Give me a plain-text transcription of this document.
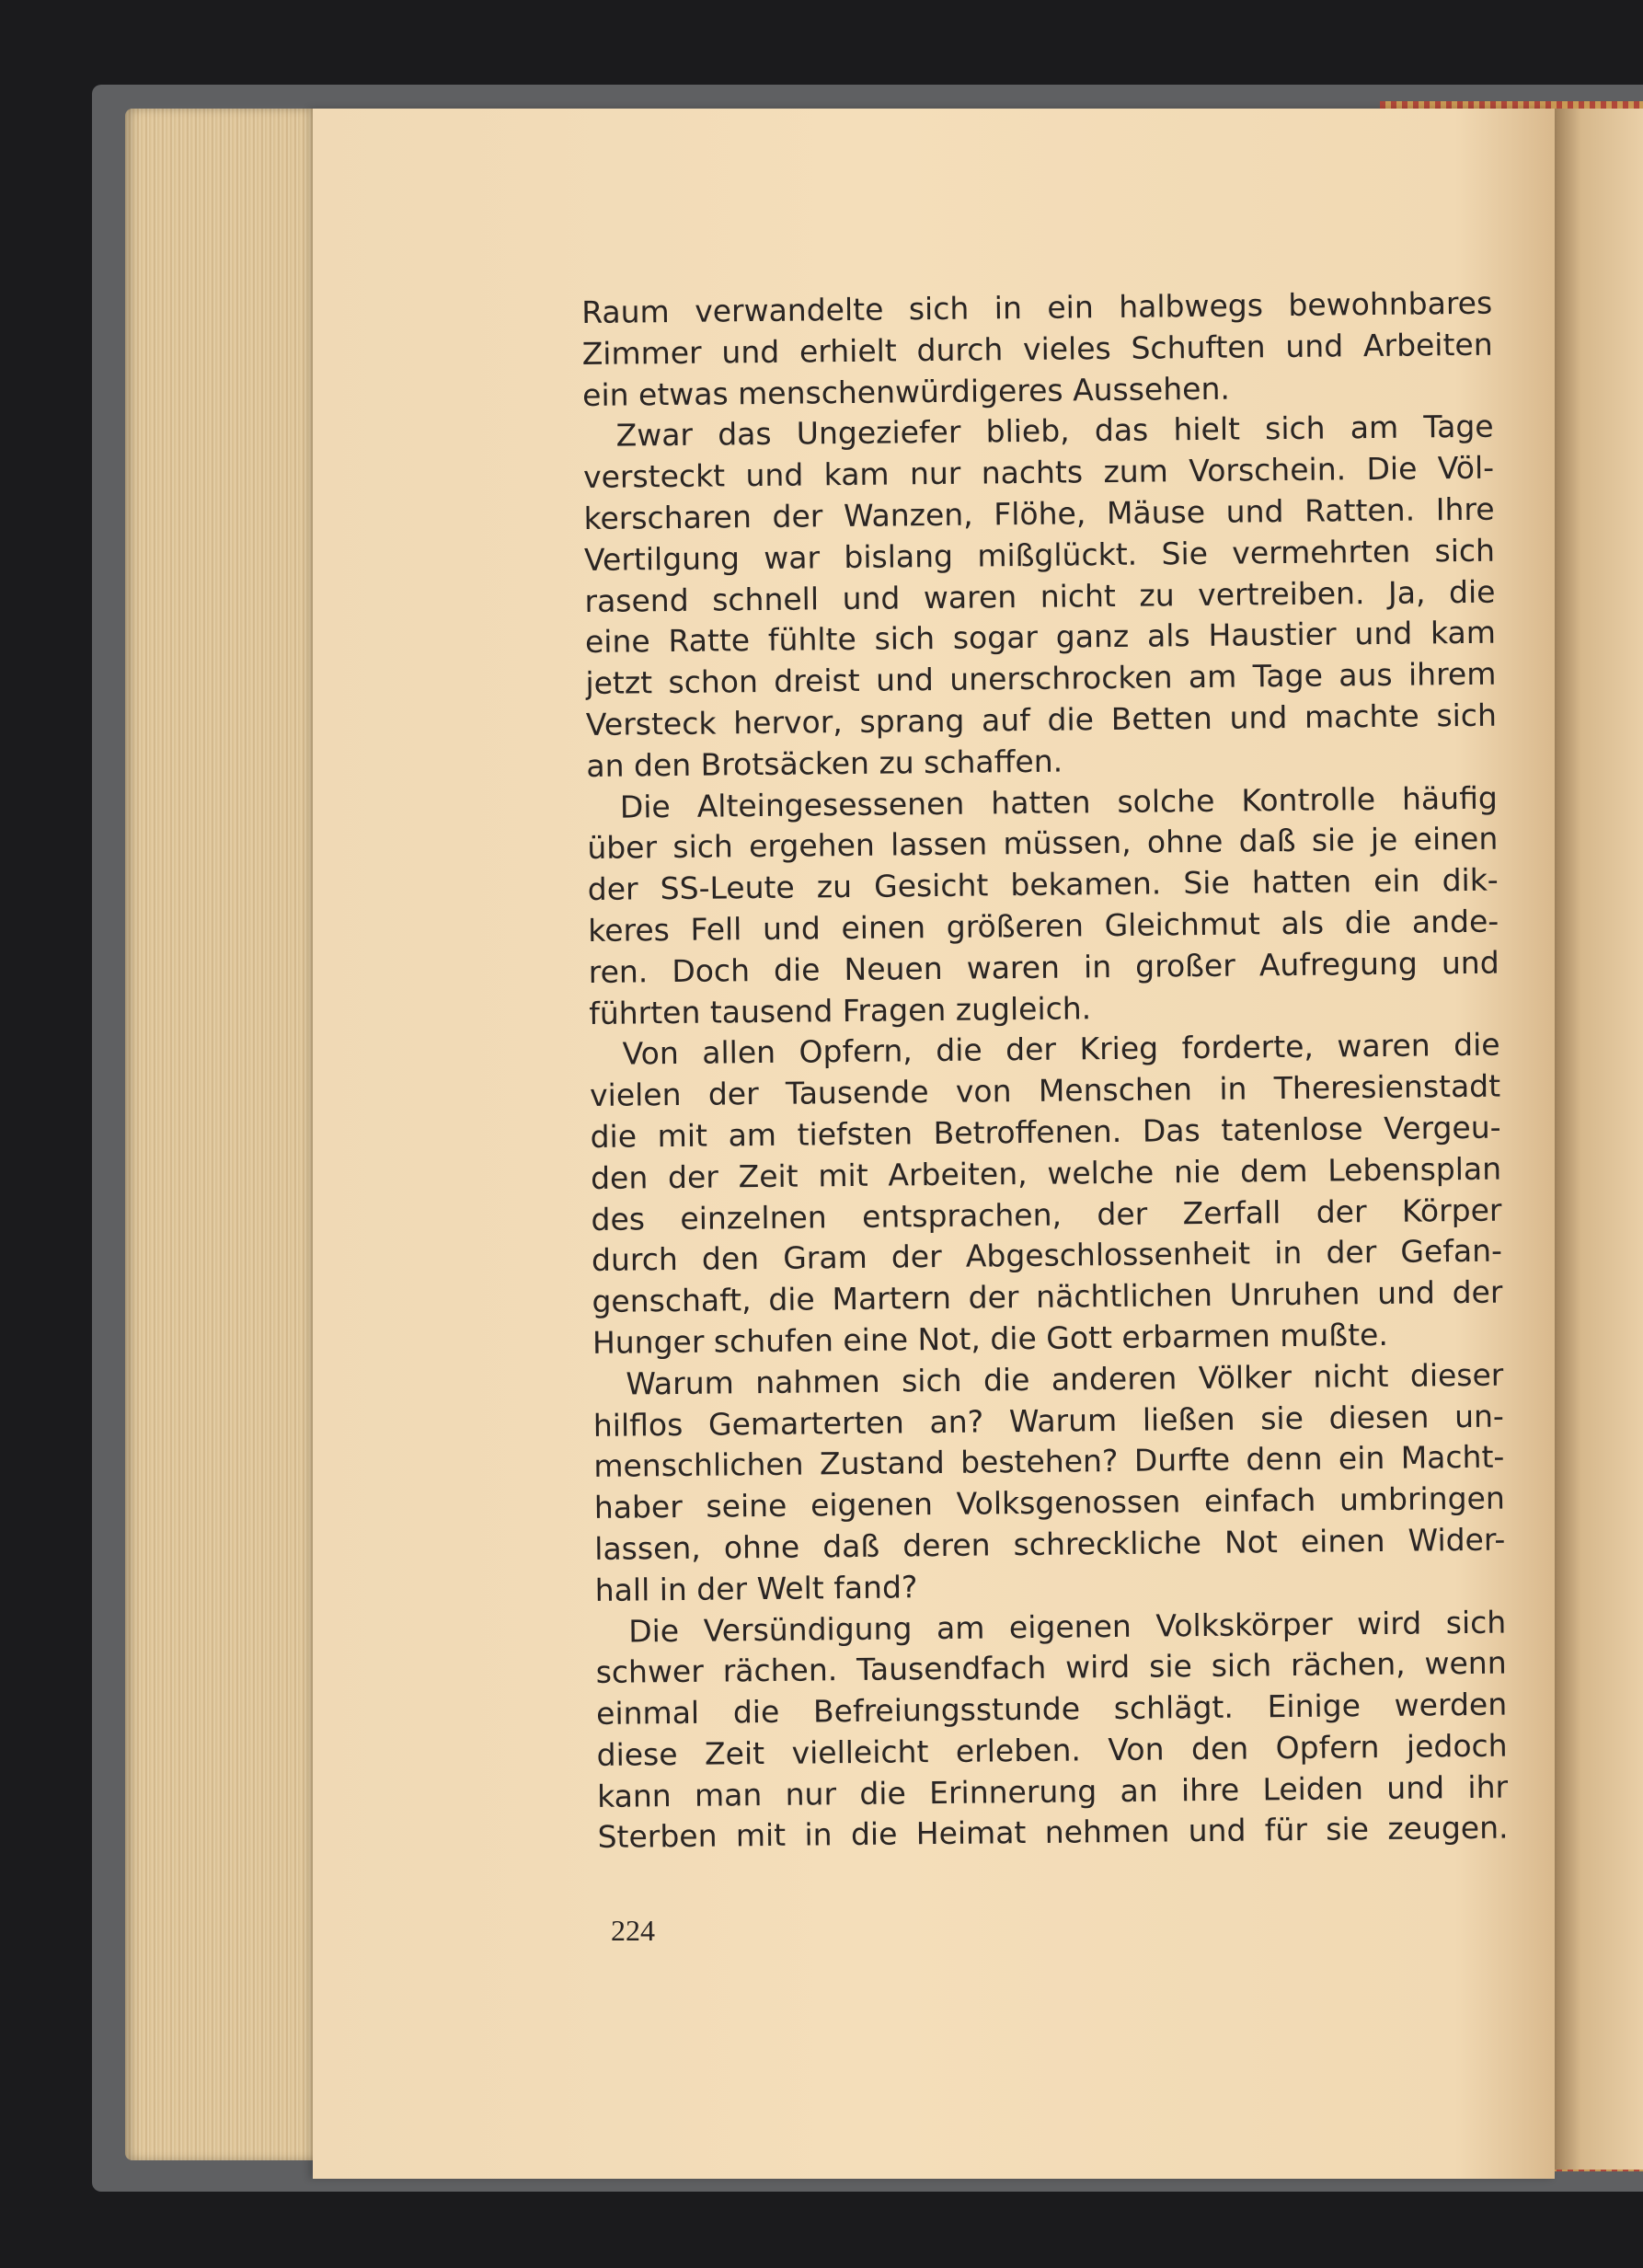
Raum verwandelte sich in ein halbwegs bewohnbares
Zimmer und erhielt durch vieles Schuften und Arbeiten
ein etwas menschenwürdigeres Aussehen.
Zwar das Ungeziefer blieb, das hielt sich am Tage
versteckt und kam nur nachts zum Vorschein. Die Völ-
kerscharen der Wanzen, Flöhe, Mäuse und Ratten. Ihre
Vertilgung war bislang mißglückt. Sie vermehrten sich
rasend schnell und waren nicht zu vertreiben. Ja, die
eine Ratte fühlte sich sogar ganz als Haustier und kam
jetzt schon dreist und unerschrocken am Tage aus ihrem
Versteck hervor, sprang auf die Betten und machte sich
an den Brotsäcken zu schaffen.
Die Alteingesessenen hatten solche Kontrolle häufig
über sich ergehen lassen müssen, ohne daß sie je einen
der SS-Leute zu Gesicht bekamen. Sie hatten ein dik-
keres Fell und einen größeren Gleichmut als die ande-
ren. Doch die Neuen waren in großer Aufregung und
führten tausend Fragen zugleich.
Von allen Opfern, die der Krieg forderte, waren die
vielen der Tausende von Menschen in Theresienstadt
die mit am tiefsten Betroffenen. Das tatenlose Vergeu-
den der Zeit mit Arbeiten, welche nie dem Lebensplan
des einzelnen entsprachen, der Zerfall der Körper
durch den Gram der Abgeschlossenheit in der Gefan-
genschaft, die Martern der nächtlichen Unruhen und der
Hunger schufen eine Not, die Gott erbarmen mußte.
Warum nahmen sich die anderen Völker nicht dieser
hilflos Gemarterten an? Warum ließen sie diesen un-
menschlichen Zustand bestehen? Durfte denn ein Macht-
haber seine eigenen Volksgenossen einfach umbringen
lassen, ohne daß deren schreckliche Not einen Wider-
hall in der Welt fand?
Die Versündigung am eigenen Volkskörper wird sich
schwer rächen. Tausendfach wird sie sich rächen, wenn
einmal die Befreiungsstunde schlägt. Einige werden
diese Zeit vielleicht erleben. Von den Opfern jedoch
kann man nur die Erinnerung an ihre Leiden und ihr
Sterben mit in die Heimat nehmen und für sie zeugen.
224
